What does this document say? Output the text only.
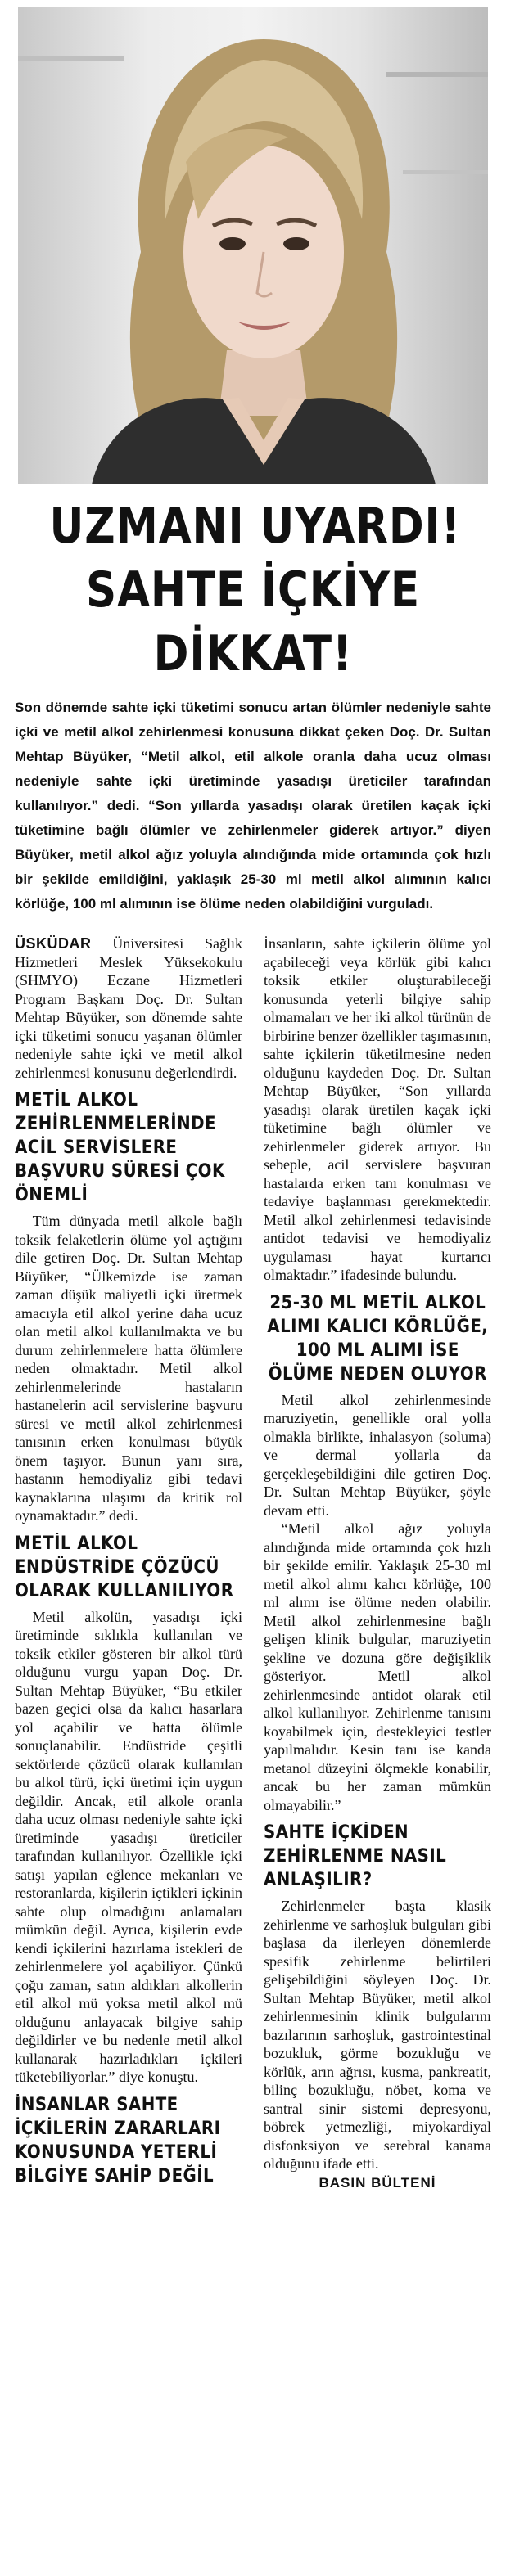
UZMANI UYARDI!
SAHTE İÇKİYE
DİKKAT!

Son dönemde sahte içki tüketimi sonucu artan ölümler nedeniyle sahte içki ve metil alkol zehirlenmesi konusuna dikkat çeken Doç. Dr. Sultan Mehtap Büyüker, “Metil alkol, etil alkole oranla daha ucuz olması nedeniyle sahte içki üretiminde yasadışı üreticiler tarafından kullanılıyor.” dedi. “Son yıllarda yasadışı olarak üretilen kaçak içki tüketimine bağlı ölümler ve zehirlenmeler giderek artıyor.” diyen Büyüker, metil alkol ağız yoluyla alındığında mide ortamında çok hızlı bir şekilde emildiğini, yaklaşık 25-30 ml metil alkol alımının kalıcı körlüğe, 100 ml alımının ise ölüme neden olabildiğini vurguladı.

ÜSKÜDAR Üniversitesi Sağlık Hizmetleri Meslek Yüksekokulu (SHMYO) Eczane Hizmetleri Program Başkanı Doç. Dr. Sultan Mehtap Büyüker, son dönemde sahte içki tüketimi sonucu yaşanan ölümler nedeniyle sahte içki ve metil alkol zehirlenmesi konusunu değerlendirdi.

METİL ALKOL ZEHİRLENMELERİNDE ACİL SERVİSLERE BAŞVURU SÜRESİ ÇOK ÖNEMLİ

Tüm dünyada metil alkole bağlı toksik felaketlerin ölüme yol açtığını dile getiren Doç. Dr. Sultan Mehtap Büyüker, “Ülkemizde ise zaman zaman düşük maliyetli içki üretmek amacıyla etil alkol yerine daha ucuz olan metil alkol kullanılmakta ve bu durum zehirlenmelere hatta ölümlere neden olmaktadır. Metil alkol zehirlenmelerinde hastaların hastanelerin acil servislerine başvuru süresi ve metil alkol zehirlenmesi tanısının erken konulması büyük önem taşıyor. Bunun yanı sıra, hastanın hemodiyaliz gibi tedavi kaynaklarına ulaşımı da kritik rol oynamaktadır.” dedi.

METİL ALKOL ENDÜSTRİDE ÇÖZÜCÜ OLARAK KULLANILIYOR

Metil alkolün, yasadışı içki üretiminde sıklıkla kullanılan ve toksik etkiler gösteren bir alkol türü olduğunu vurgu yapan Doç. Dr. Sultan Mehtap Büyüker, “Bu etkiler bazen geçici olsa da kalıcı hasarlara yol açabilir ve hatta ölümle sonuçlanabilir. Endüstride çeşitli sektörlerde çözücü olarak kullanılan bu alkol türü, içki üretimi için uygun değildir. Ancak, etil alkole oranla daha ucuz olması nedeniyle sahte içki üretiminde yasadışı üreticiler tarafından kullanılıyor. Özellikle içki satışı yapılan eğlence mekanları ve restoranlarda, kişilerin içtikleri içkinin sahte olup olmadığını anlamaları mümkün değil. Ayrıca, kişilerin evde kendi içkilerini hazırlama istekleri de zehirlenmelere yol açabiliyor. Çünkü çoğu zaman, satın aldıkları alkollerin etil alkol mü yoksa metil alkol mü olduğunu anlayacak bilgiye sahip değildirler ve bu nedenle metil alkol kullanarak hazırladıkları içkileri tüketebiliyorlar.” diye konuştu.

İNSANLAR SAHTE İÇKİLERİN ZARARLARI KONUSUNDA YETERLİ BİLGİYE SAHİP DEĞİL

İnsanların, sahte içkilerin ölüme yol açabileceği veya körlük gibi kalıcı toksik etkiler oluşturabileceği konusunda yeterli bilgiye sahip olmamaları ve her iki alkol türünün de birbirine benzer özellikler taşımasının, sahte içkilerin tüketilmesine neden olduğunu kaydeden Doç. Dr. Sultan Mehtap Büyüker, “Son yıllarda yasadışı olarak üretilen kaçak içki tüketimine bağlı ölümler ve zehirlenmeler giderek artıyor. Bu sebeple, acil servislere başvuran hastalarda erken tanı konulması ve tedaviye başlanması gerekmektedir. Metil alkol zehirlenmesi tedavisinde antidot tedavisi ve hemodiyaliz uygulaması hayat kurtarıcı olmaktadır.” ifadesinde bulundu.

25-30 ML METİL ALKOL ALIMI KALICI KÖRLÜĞE, 100 ML ALIMI İSE ÖLÜME NEDEN OLUYOR

Metil alkol zehirlenmesinde maruziyetin, genellikle oral yolla olmakla birlikte, inhalasyon (soluma) ve dermal yollarla da gerçekleşebildiğini dile getiren Doç. Dr. Sultan Mehtap Büyüker, şöyle devam etti.

“Metil alkol ağız yoluyla alındığında mide ortamında çok hızlı bir şekilde emilir. Yaklaşık 25-30 ml metil alkol alımı kalıcı körlüğe, 100 ml alımı ise ölüme neden olabilir. Metil alkol zehirlenmesine bağlı gelişen klinik bulgular, maruziyetin şekline ve dozuna göre değişiklik gösteriyor. Metil alkol zehirlenmesinde antidot olarak etil alkol kullanılıyor. Zehirlenme tanısını koyabilmek için, destekleyici testler yapılmalıdır. Kesin tanı ise kanda metanol düzeyini ölçmekle konabilir, ancak bu her zaman mümkün olmayabilir.”

SAHTE İÇKİDEN ZEHİRLENME NASIL ANLAŞILIR?

Zehirlenmeler başta klasik zehirlenme ve sarhoşluk bulguları gibi başlasa da ilerleyen dönemlerde spesifik zehirlenme belirtileri gelişebildiğini söyleyen Doç. Dr. Sultan Mehtap Büyüker, metil alkol zehirlenmesinin klinik bulgularını bazılarının sarhoşluk, gastrointestinal bozukluk, görme bozukluğu ve körlük, arın ağrısı, kusma, pankreatit, bilinç bozukluğu, nöbet, koma ve santral sinir sistemi depresyonu, böbrek yetmezliği, miyokardiyal disfonksiyon ve serebral kanama olduğunu ifade etti.

BASIN BÜLTENİ
